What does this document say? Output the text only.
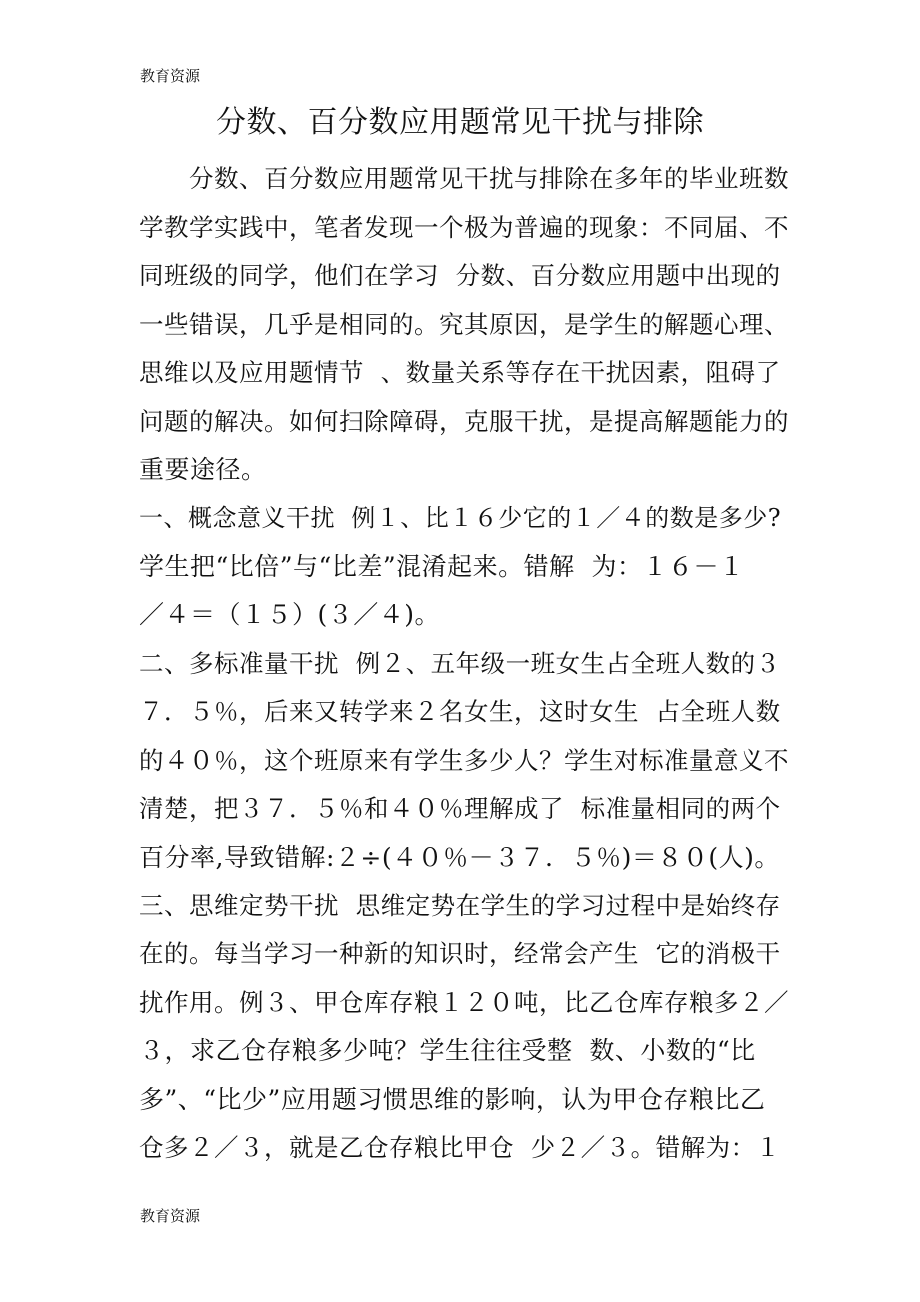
教育资源
分数、百分数应用题常见干扰与排除
　　分数、百分数应用题常见干扰与排除在多年的毕业班数
学教学实践中，笔者发现一个极为普遍的现象：不同届、不
同班级的同学，他们在学习  分数、百分数应用题中出现的
一些错误，几乎是相同的。究其原因，是学生的解题心理、
思维以及应用题情节  、数量关系等存在干扰因素，阻碍了
问题的解决。如何扫除障碍，克服干扰，是提高解题能力的
重要途径。
一、概念意义干扰  例１、比１６少它的１／４的数是多少?
学生把“比倍”与“比差”混淆起来。错解  为：１６－１
／４＝（１５）(３／４)。
二、多标准量干扰  例２、五年级一班女生占全班人数的３
７．５％，后来又转学来２名女生，这时女生  占全班人数
的４０％，这个班原来有学生多少人？学生对标准量意义不
清楚，把３７．５％和４０％理解成了  标准量相同的两个
百分率,导致错解:２÷(４０％－３７．５％)＝８０(人)。
三、思维定势干扰  思维定势在学生的学习过程中是始终存
在的。每当学习一种新的知识时，经常会产生  它的消极干
扰作用。例３、甲仓库存粮１２０吨，比乙仓库存粮多２／
３，求乙仓存粮多少吨？学生往往受整  数、小数的“比
多”、“比少”应用题习惯思维的影响，认为甲仓存粮比乙
仓多２／３，就是乙仓存粮比甲仓  少２／３。错解为：１
教育资源
